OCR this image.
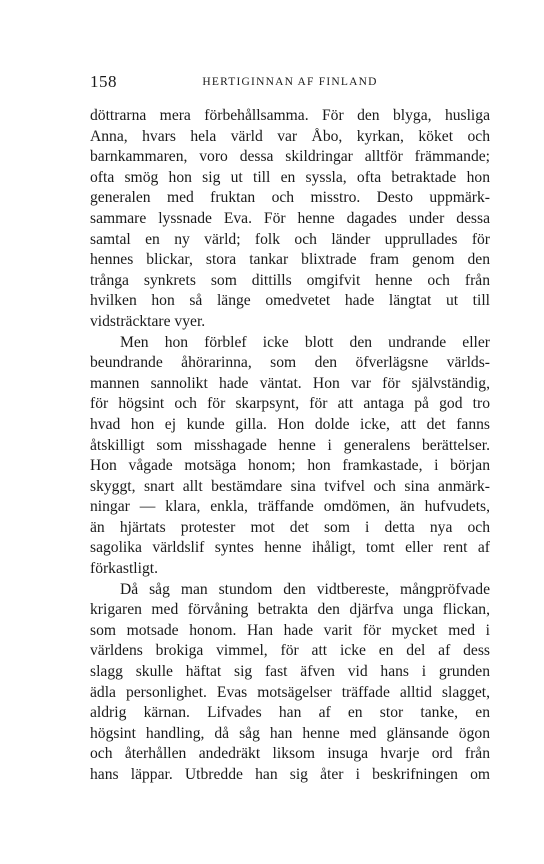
158	HERTIGINNAN AF FINLAND
döttrarna mera förbehållsamma. För den blyga, husliga
Anna, hvars hela värld var Åbo, kyrkan, köket och
barnkammaren, voro dessa skildringar alltför främmande;
ofta smög hon sig ut till en syssla, ofta betraktade hon
generalen med fruktan och misstro. Desto uppmärk-
sammare lyssnade Eva. För henne dagades under dessa
samtal en ny värld; folk och länder upprullades för
hennes blickar, stora tankar blixtrade fram genom den
trånga synkrets som dittills omgifvit henne och från
hvilken hon så länge omedvetet hade längtat ut till
vidsträcktare vyer.
Men hon förblef icke blott den undrande eller
beundrande åhörarinna, som den öfverlägsne världs-
mannen sannolikt hade väntat. Hon var för självständig,
för högsint och för skarpsynt, för att antaga på god tro
hvad hon ej kunde gilla. Hon dolde icke, att det fanns
åtskilligt som misshagade henne i generalens berättelser.
Hon vågade motsäga honom; hon framkastade, i början
skyggt, snart allt bestämdare sina tvifvel och sina anmärk-
ningar — klara, enkla, träffande omdömen, än hufvudets,
än hjärtats protester mot det som i detta nya och
sagolika världslif syntes henne ihåligt, tomt eller rent af
förkastligt.
Då såg man stundom den vidtbereste, mångpröfvade
krigaren med förvåning betrakta den djärfva unga flickan,
som motsade honom. Han hade varit för mycket med i
världens brokiga vimmel, för att icke en del af dess
slagg skulle häftat sig fast äfven vid hans i grunden
ädla personlighet. Evas motsägelser träffade alltid slagget,
aldrig kärnan. Lifvades han af en stor tanke, en
högsint handling, då såg han henne med glänsande ögon
och återhållen andedräkt liksom insuga hvarje ord från
hans läppar. Utbredde han sig åter i beskrifningen om
